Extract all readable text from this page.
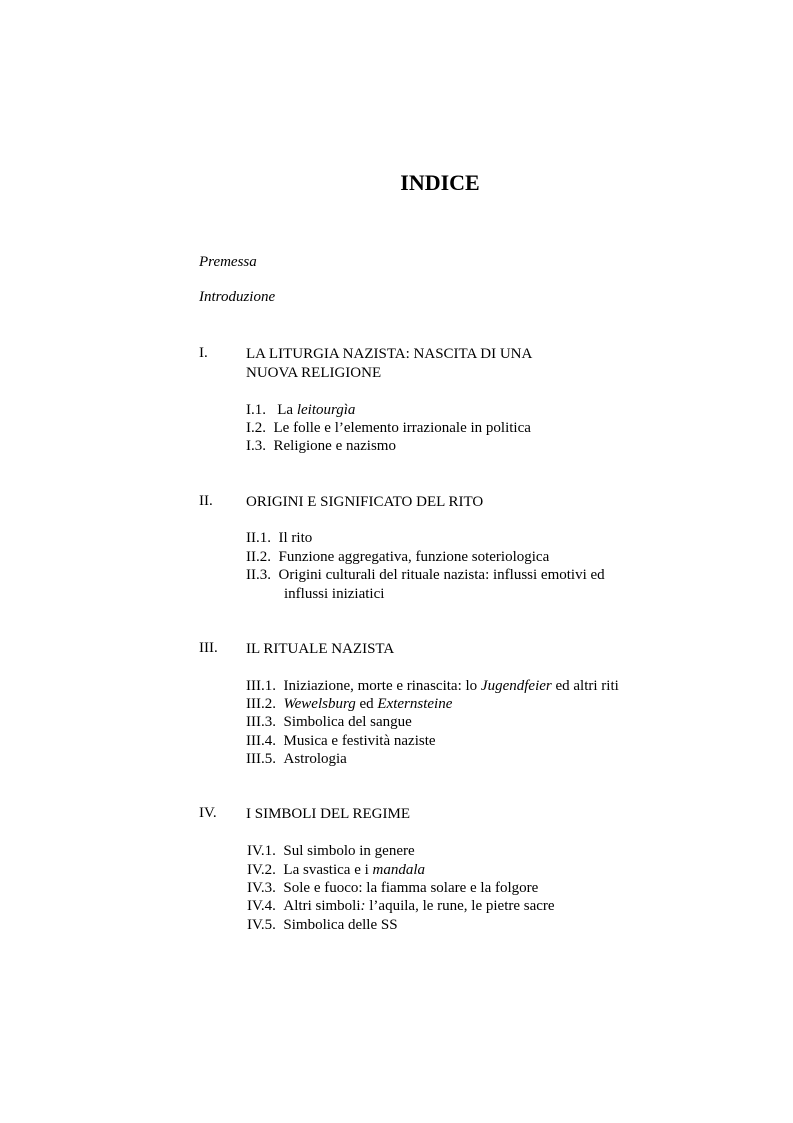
INDICE
Premessa
Introduzione
I.	LA LITURGIA NAZISTA: NASCITA DI UNA
NUOVA RELIGIONE
I.1. La leitourgìa
I.2. Le folle e l’elemento irrazionale in politica
I.3. Religione e nazismo
II. ORIGINI E SIGNIFICATO DEL RITO
II.1. Il rito
II.2. Funzione aggregativa, funzione soteriologica
II.3. Origini culturali del rituale nazista: influssi emotivi ed
influssi iniziatici
III. IL RITUALE NAZISTA
III.1. Iniziazione, morte e rinascita: lo Jugendfeier ed altri riti
III.2. Wewelsburg ed Externsteine
III.3. Simbolica del sangue
III.4. Musica e festività naziste
III.5. Astrologia
IV. I SIMBOLI DEL REGIME
IV.1. Sul simbolo in genere
IV.2. La svastica e i mandala
IV.3. Sole e fuoco: la fiamma solare e la folgore
IV.4. Altri simboli: l’aquila, le rune, le pietre sacre
IV.5. Simbolica delle SS
